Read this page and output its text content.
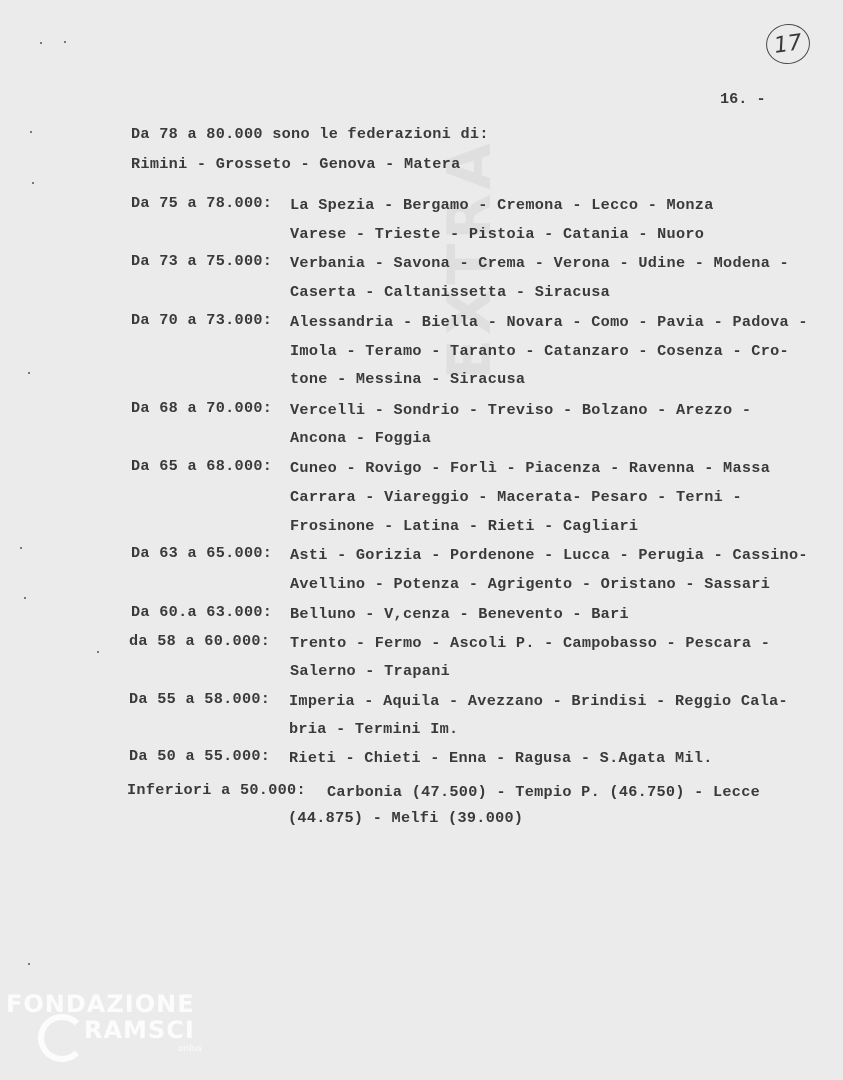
EXTRA
17
16. -

Da 78 a 80.000 sono le federazioni di:

Rimini - Grosseto - Genova - Matera

Da 75 a 78.000:

La Spezia - Bergamo - Cremona - Lecco - Monza

Varese - Trieste - Pistoia - Catania - Nuoro

Da 73 a 75.000:

Verbania - Savona - Crema - Verona - Udine - Modena -

Caserta - Caltanissetta - Siracusa

Da 70 a 73.000:

Alessandria - Biella - Novara - Como - Pavia - Padova -

Imola - Teramo - Taranto - Catanzaro - Cosenza - Cro-

tone - Messina - Siracusa

Da 68 a 70.000:

Vercelli - Sondrio - Treviso - Bolzano - Arezzo -

Ancona - Foggia

Da 65 a 68.000:

Cuneo - Rovigo - Forlì - Piacenza - Ravenna - Massa

Carrara - Viareggio - Macerata- Pesaro - Terni -

Frosinone - Latina - Rieti - Cagliari

Da 63 a 65.000:

Asti - Gorizia - Pordenone - Lucca - Perugia - Cassino-

Avellino - Potenza - Agrigento - Oristano - Sassari

Da 60.a 63.000:

Belluno - V,cenza - Benevento - Bari

da 58 a 60.000:

Trento - Fermo - Ascoli P. - Campobasso - Pescara -

Salerno - Trapani

Da 55 a 58.000:

Imperia - Aquila - Avezzano - Brindisi - Reggio Cala-

bria - Termini Im.

Da 50 a 55.000:

Rieti - Chieti - Enna - Ragusa - S.Agata Mil.

Inferiori a 50.000:

Carbonia (47.500) - Tempio P. (46.750) - Lecce

(44.875) - Melfi (39.000)

FONDAZIONE
RAMSCI
onlus
